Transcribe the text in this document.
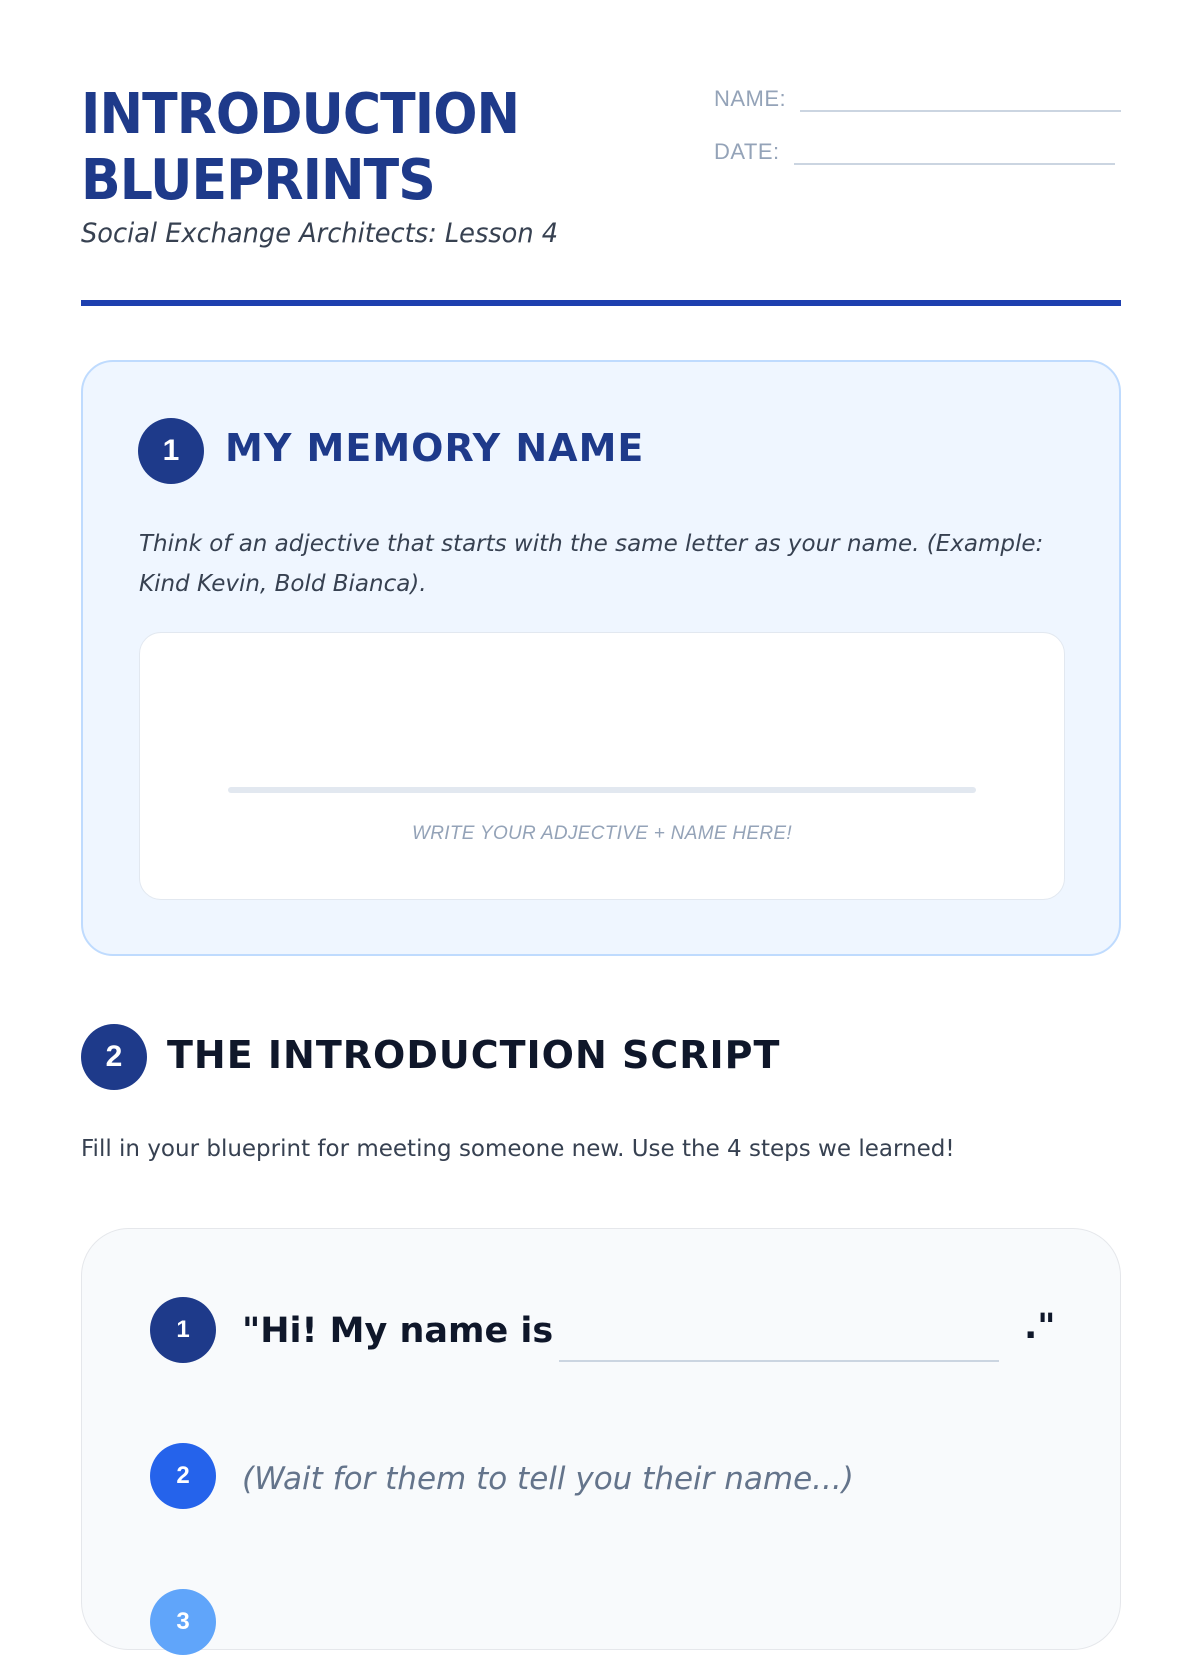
INTRODUCTION
BLUEPRINTS

Social Exchange Architects: Lesson 4

NAME:
DATE:
1	MY MEMORY NAME

Think of an adjective that starts with the same letter as your name. (Example: Kind Kevin, Bold Bianca).

WRITE YOUR ADJECTIVE + NAME HERE!
2	THE INTRODUCTION SCRIPT

Fill in your blueprint for meeting someone new. Use the 4 steps we learned!

1	"Hi! My name is	."

2	(Wait for them to tell you their name...)

3
